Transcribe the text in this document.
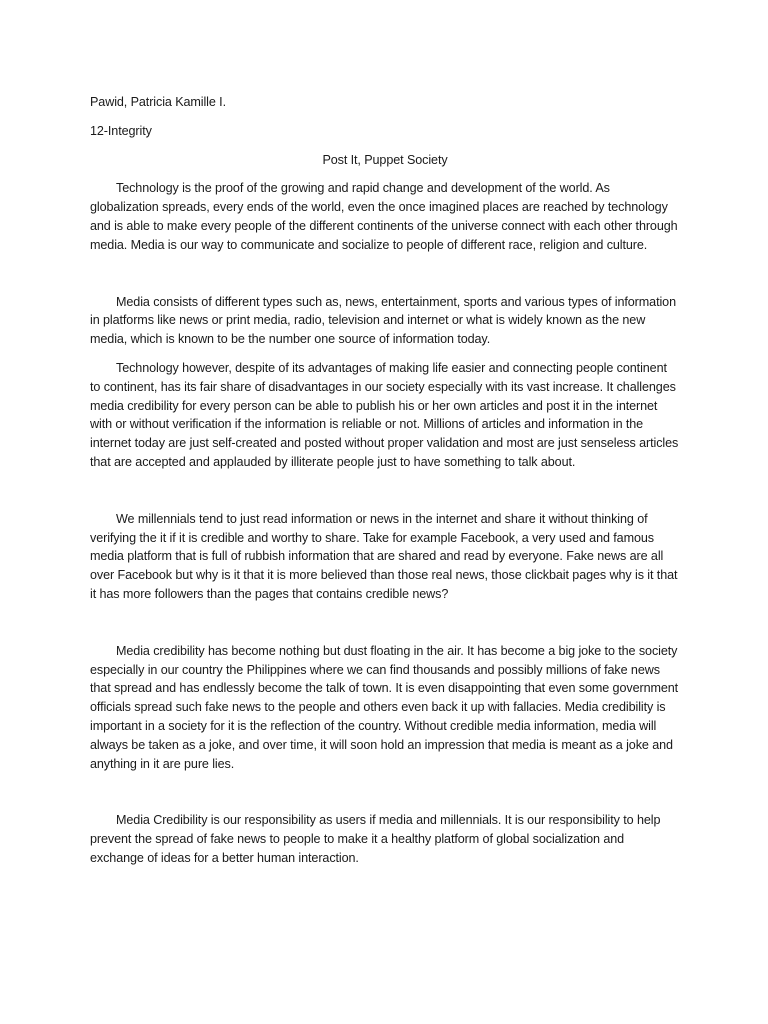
Pawid, Patricia Kamille I.

12-Integrity

Post It, Puppet Society

Technology is the proof of the growing and rapid change and development of the world. As globalization spreads, every ends of the world, even the once imagined places are reached by technology and is able to make every people of the different continents of the universe connect with each other through media. Media is our way to communicate and socialize to people of different race, religion and culture.

Media consists of different types such as, news, entertainment, sports and various types of information in platforms like news or print media, radio, television and internet or what is widely known as the new media, which is known to be the number one source of information today.

Technology however, despite of its advantages of making life easier and connecting people continent to continent, has its fair share of disadvantages in our society especially with its vast increase. It challenges media credibility for every person can be able to publish his or her own articles and post it in the internet with or without verification if the information is reliable or not. Millions of articles and information in the internet today are just self-created and posted without proper validation and most are just senseless articles that are accepted and applauded by illiterate people just to have something to talk about.

We millennials tend to just read information or news in the internet and share it without thinking of verifying the it if it is credible and worthy to share. Take for example Facebook, a very used and famous media platform that is full of rubbish information that are shared and read by everyone. Fake news are all over Facebook but why is it that it is more believed than those real news, those clickbait pages why is it that it has more followers than the pages that contains credible news?

Media credibility has become nothing but dust floating in the air. It has become a big joke to the society especially in our country the Philippines where we can find thousands and possibly millions of fake news that spread and has endlessly become the talk of town. It is even disappointing that even some government officials spread such fake news to the people and others even back it up with fallacies. Media credibility is important in a society for it is the reflection of the country. Without credible media information, media will always be taken as a joke, and over time, it will soon hold an impression that media is meant as a joke and anything in it are pure lies.

Media Credibility is our responsibility as users if media and millennials. It is our responsibility to help prevent the spread of fake news to people to make it a healthy platform of global socialization and exchange of ideas for a better human interaction.
